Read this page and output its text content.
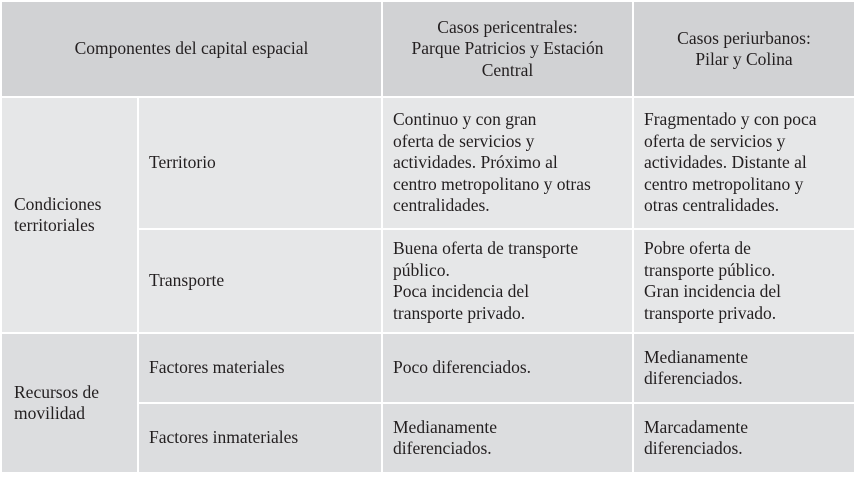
Componentes del capital espacial		Casos pericentrales:
Parque Patricios y Estación
Central	Casos periurbanos:
Pilar y Colina

Condiciones
territoriales	Territorio	Continuo y con gran
oferta de servicios y
actividades. Próximo al
centro metropolitano y otras
centralidades.	Fragmentado y con poca
oferta de servicios y
actividades. Distante al
centro metropolitano y
otras centralidades.

	Transporte	Buena oferta de transporte
público.
Poca incidencia del
transporte privado.	Pobre oferta de
transporte público.
Gran incidencia del
transporte privado.

Recursos de
movilidad	Factores materiales	Poco diferenciados.	Medianamente
diferenciados.

	Factores inmateriales	Medianamente
diferenciados.	Marcadamente
diferenciados.
